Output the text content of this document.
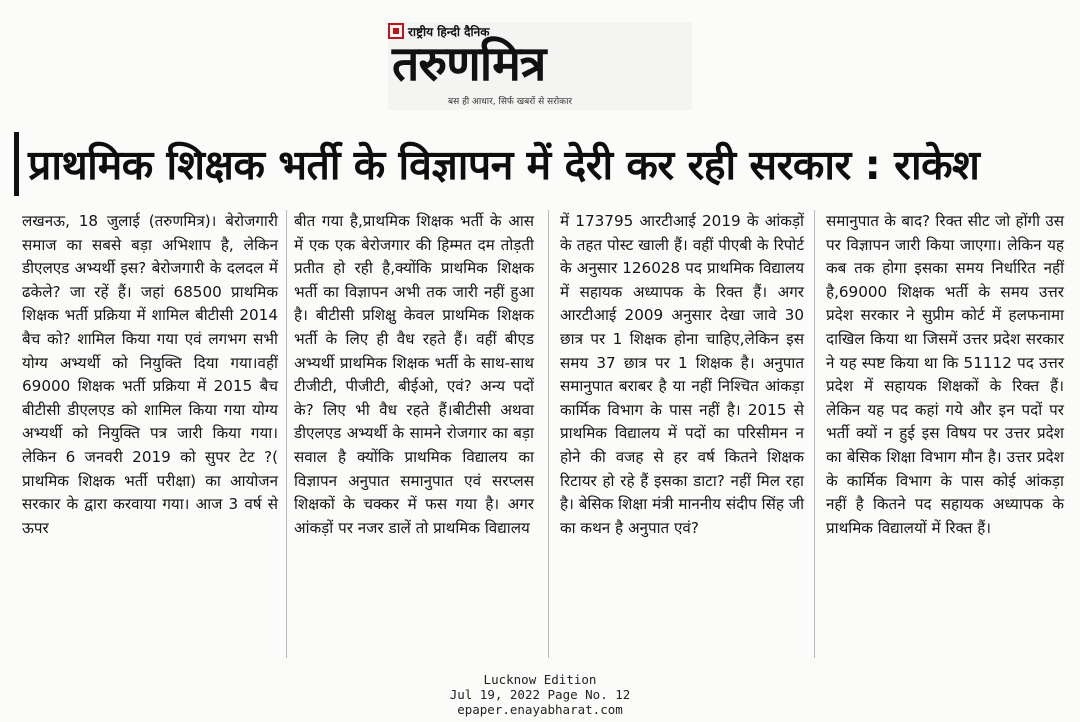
राष्ट्रीय हिन्दी दैनिक
तरुणमित्र
बस ही आधार, सिर्फ खबरों से सरोकार
प्राथमिक शिक्षक भर्ती के विज्ञापन में देरी कर रही सरकार : राकेश

लखनऊ, 18 जुलाई (तरुणमित्र)। बेरोजगारी समाज का सबसे बड़ा अभिशाप है, लेकिन डीएलएड अभ्यर्थी इस? बेरोजगारी के दलदल में ढकेले? जा रहें हैं। जहां 68500 प्राथमिक शिक्षक भर्ती प्रक्रिया में शामिल बीटीसी 2014 बैच को? शामिल किया गया एवं लगभग सभी योग्य अभ्यर्थी को नियुक्ति दिया गया।वहीं 69000 शिक्षक भर्ती प्रक्रिया में 2015 बैच बीटीसी डीएलएड को शामिल किया गया योग्य अभ्यर्थी को नियुक्ति पत्र जारी किया गया। लेकिन 6 जनवरी 2019 को सुपर टेट ?( प्राथमिक शिक्षक भर्ती परीक्षा) का आयोजन सरकार के द्वारा करवाया गया। आज 3 वर्ष से ऊपर

बीत गया है,प्राथमिक शिक्षक भर्ती के आस में एक एक बेरोजगार की हिम्मत दम तोड़ती प्रतीत हो रही है,क्योंकि प्राथमिक शिक्षक भर्ती का विज्ञापन अभी तक जारी नहीं हुआ है। बीटीसी प्रशिक्षु केवल प्राथमिक शिक्षक भर्ती के लिए ही वैध रहते हैं। वहीं बीएड अभ्यर्थी प्राथमिक शिक्षक भर्ती के साथ-साथ टीजीटी, पीजीटी, बीईओ, एवं? अन्य पदों के? लिए भी वैध रहते हैं।बीटीसी अथवा डीएलएड अभ्यर्थी के सामने रोजगार का बड़ा सवाल है क्योंकि प्राथमिक विद्यालय का विज्ञापन अनुपात समानुपात एवं सरप्लस शिक्षकों के चक्कर में फस गया है। अगर आंकड़ों पर नजर डालें तो प्राथमिक विद्यालय

में 173795 आरटीआई 2019 के आंकड़ों के तहत पोस्ट खाली हैं। वहीं पीएबी के रिपोर्ट के अनुसार 126028 पद प्राथमिक विद्यालय में सहायक अध्यापक के रिक्त हैं। अगर आरटीआई 2009 अनुसार देखा जावे 30 छात्र पर 1 शिक्षक होना चाहिए,लेकिन इस समय 37 छात्र पर 1 शिक्षक है। अनुपात समानुपात बराबर है या नहीं निश्चित आंकड़ा कार्मिक विभाग के पास नहीं है। 2015 से प्राथमिक विद्यालय में पदों का परिसीमन न होने की वजह से हर वर्ष कितने शिक्षक रिटायर हो रहे हैं इसका डाटा? नहीं मिल रहा है। बेसिक शिक्षा मंत्री माननीय संदीप सिंह जी का कथन है अनुपात एवं?

समानुपात के बाद? रिक्त सीट जो होंगी उस पर विज्ञापन जारी किया जाएगा। लेकिन यह कब तक होगा इसका समय निर्धारित नहीं है,69000 शिक्षक भर्ती के समय उत्तर प्रदेश सरकार ने सुप्रीम कोर्ट में हलफनामा दाखिल किया था जिसमें उत्तर प्रदेश सरकार ने यह स्पष्ट किया था कि 51112 पद उत्तर प्रदेश में सहायक शिक्षकों के रिक्त हैं। लेकिन यह पद कहां गये और इन पदों पर भर्ती क्यों न हुई इस विषय पर उत्तर प्रदेश का बेसिक शिक्षा विभाग मौन है। उत्तर प्रदेश के कार्मिक विभाग के पास कोई आंकड़ा नहीं है कितने पद सहायक अध्यापक के प्राथमिक विद्यालयों में रिक्त हैं।

Lucknow Edition
Jul 19, 2022 Page No. 12
epaper.enayabharat.com
